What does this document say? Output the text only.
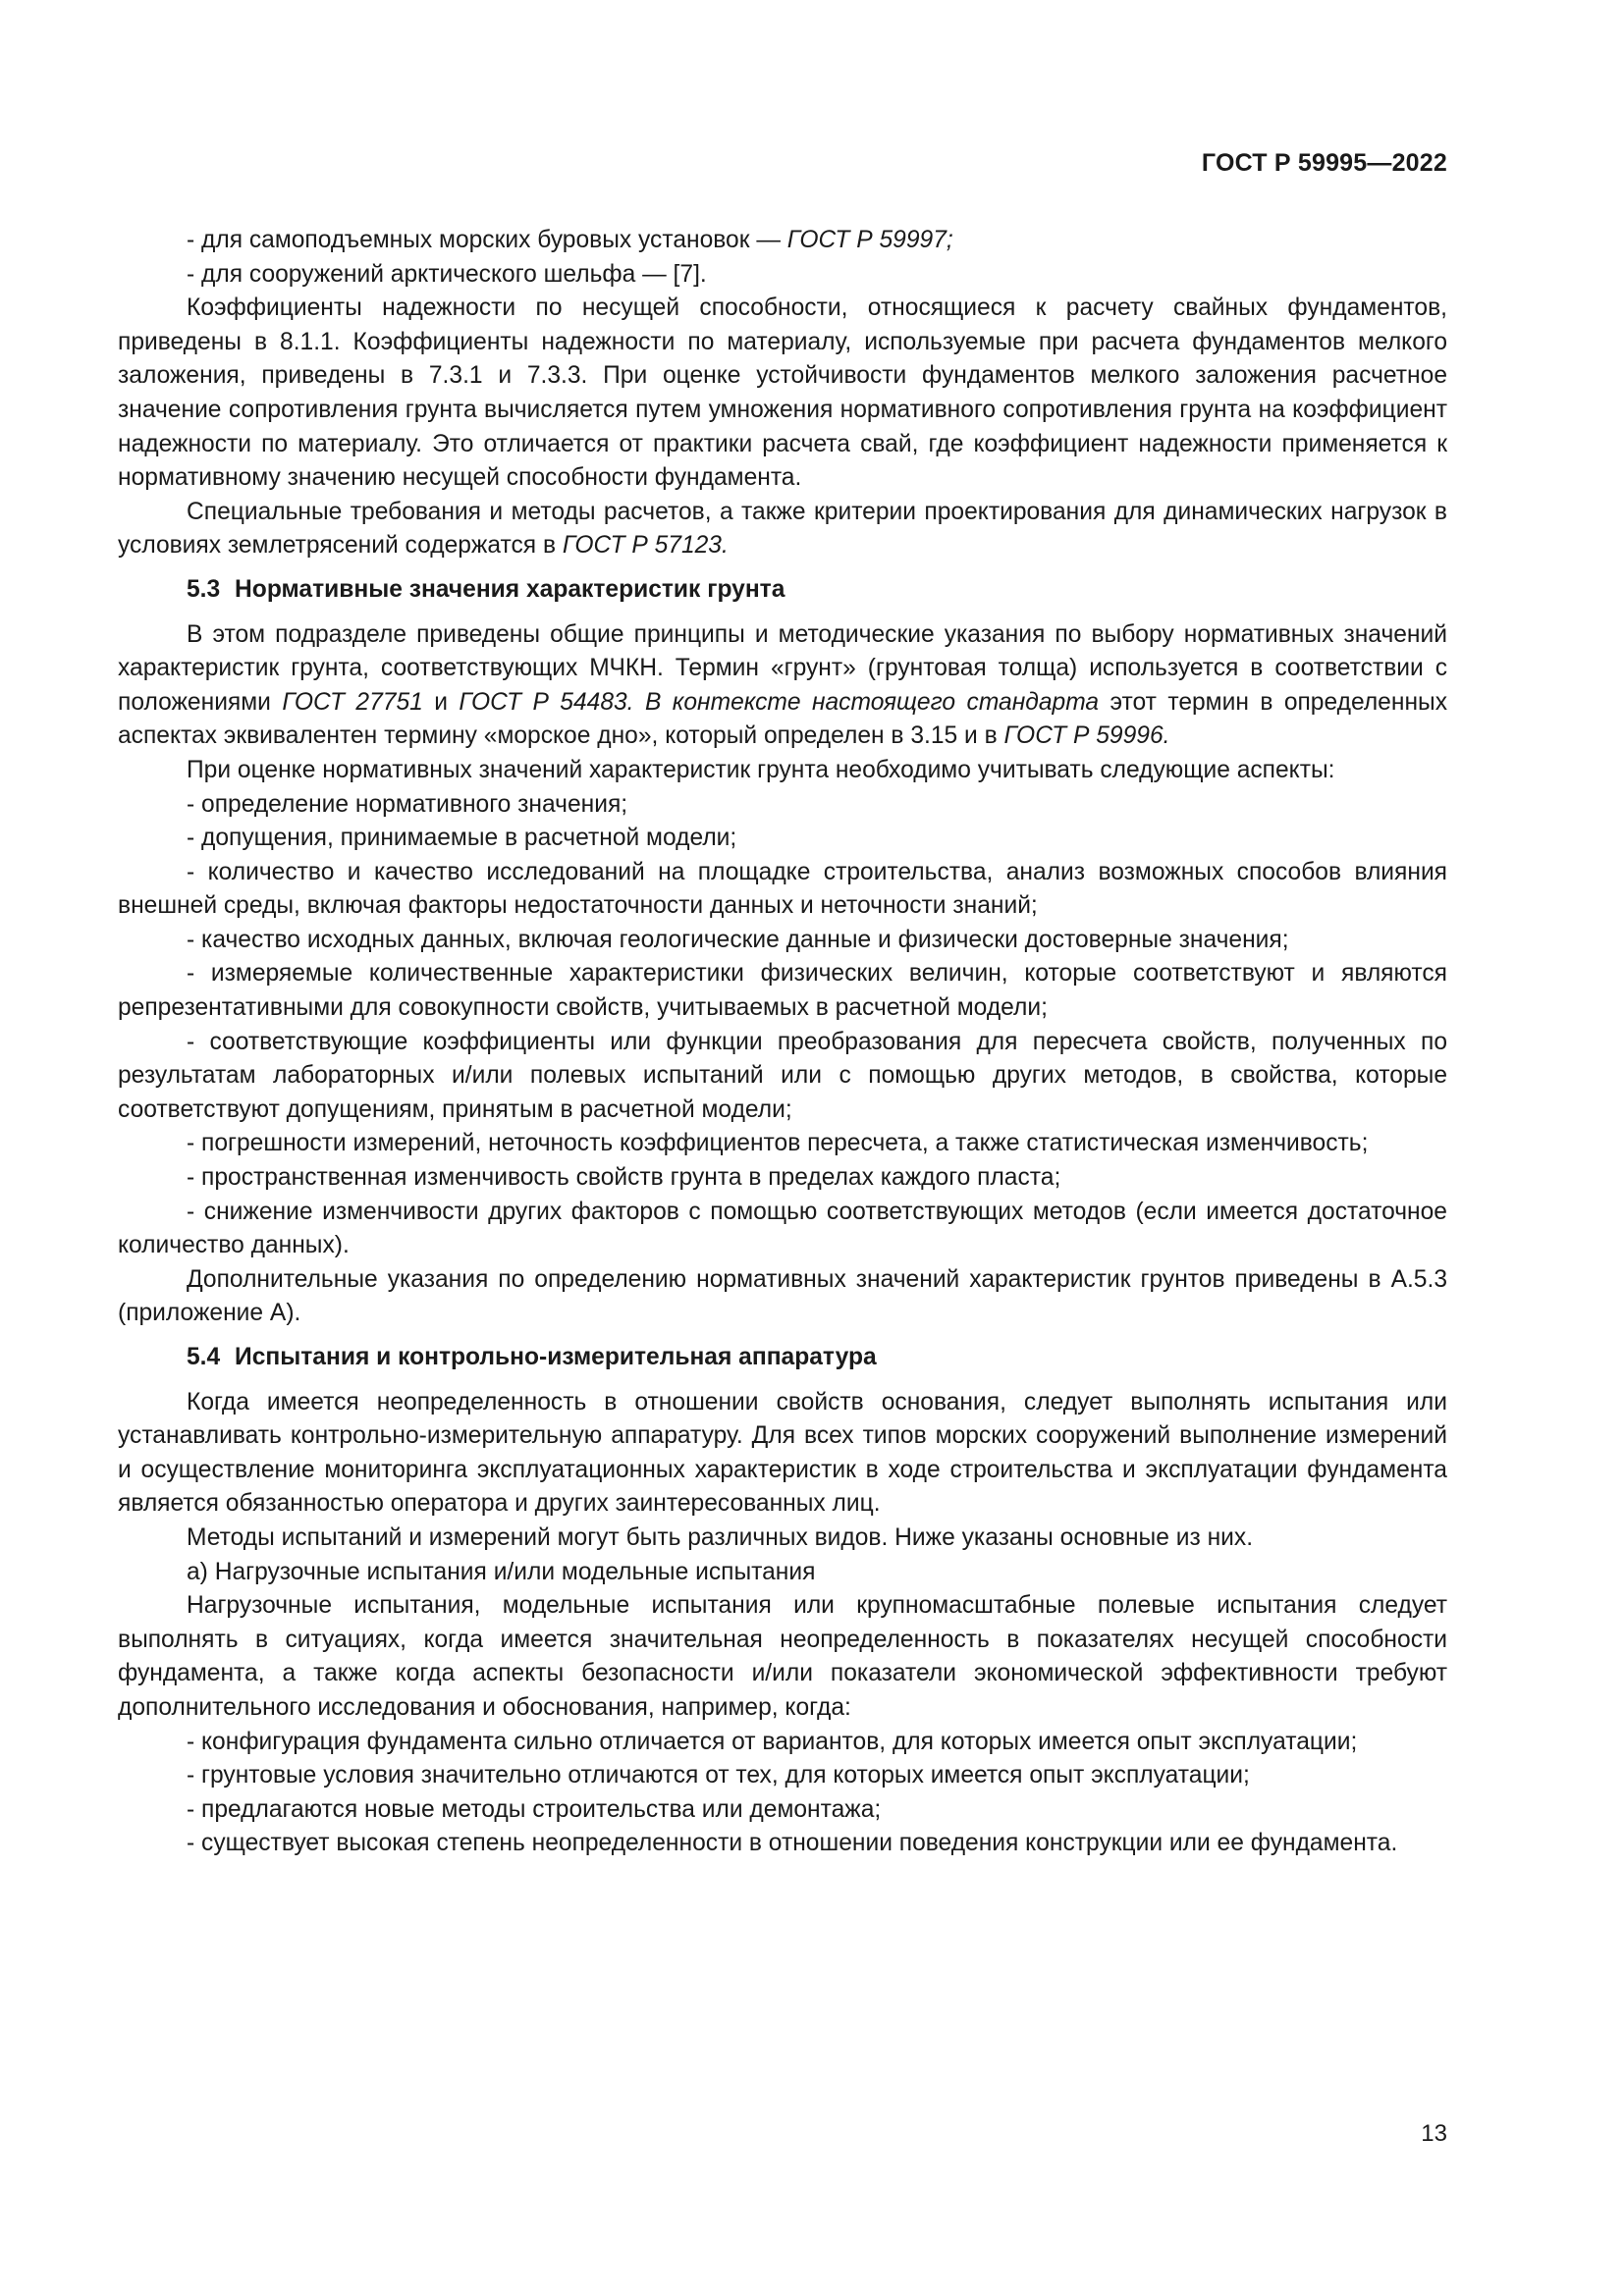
ГОСТ Р 59995—2022

- для самоподъемных морских буровых установок — ГОСТ Р 59997;

- для сооружений арктического шельфа — [7].

Коэффициенты надежности по несущей способности, относящиеся к расчету свайных фундаментов, приведены в 8.1.1. Коэффициенты надежности по материалу, используемые при расчета фундаментов мелкого заложения, приведены в 7.3.1 и 7.3.3. При оценке устойчивости фундаментов мелкого заложения расчетное значение сопротивления грунта вычисляется путем умножения нормативного сопротивления грунта на коэффициент надежности по материалу. Это отличается от практики расчета свай, где коэффициент надежности применяется к нормативному значению несущей способности фундамента.

Специальные требования и методы расчетов, а также критерии проектирования для динамических нагрузок в условиях землетрясений содержатся в ГОСТ Р 57123.

5.3 Нормативные значения характеристик грунта

В этом подразделе приведены общие принципы и методические указания по выбору нормативных значений характеристик грунта, соответствующих МЧКН. Термин «грунт» (грунтовая толща) используется в соответствии с положениями ГОСТ 27751 и ГОСТ Р 54483. В контексте настоящего стандарта этот термин в определенных аспектах эквивалентен термину «морское дно», который определен в 3.15 и в ГОСТ Р 59996.

При оценке нормативных значений характеристик грунта необходимо учитывать следующие аспекты:

- определение нормативного значения;

- допущения, принимаемые в расчетной модели;

- количество и качество исследований на площадке строительства, анализ возможных способов влияния внешней среды, включая факторы недостаточности данных и неточности знаний;

- качество исходных данных, включая геологические данные и физически достоверные значения;

- измеряемые количественные характеристики физических величин, которые соответствуют и являются репрезентативными для совокупности свойств, учитываемых в расчетной модели;

- соответствующие коэффициенты или функции преобразования для пересчета свойств, полученных по результатам лабораторных и/или полевых испытаний или с помощью других методов, в свойства, которые соответствуют допущениям, принятым в расчетной модели;

- погрешности измерений, неточность коэффициентов пересчета, а также статистическая изменчивость;

- пространственная изменчивость свойств грунта в пределах каждого пласта;

- снижение изменчивости других факторов с помощью соответствующих методов (если имеется достаточное количество данных).

Дополнительные указания по определению нормативных значений характеристик грунтов приведены в А.5.3 (приложение А).

5.4 Испытания и контрольно-измерительная аппаратура

Когда имеется неопределенность в отношении свойств основания, следует выполнять испытания или устанавливать контрольно-измерительную аппаратуру. Для всех типов морских сооружений выполнение измерений и осуществление мониторинга эксплуатационных характеристик в ходе строительства и эксплуатации фундамента является обязанностью оператора и других заинтересованных лиц.

Методы испытаний и измерений могут быть различных видов. Ниже указаны основные из них.

а) Нагрузочные испытания и/или модельные испытания

Нагрузочные испытания, модельные испытания или крупномасштабные полевые испытания следует выполнять в ситуациях, когда имеется значительная неопределенность в показателях несущей способности фундамента, а также когда аспекты безопасности и/или показатели экономической эффективности требуют дополнительного исследования и обоснования, например, когда:

- конфигурация фундамента сильно отличается от вариантов, для которых имеется опыт эксплуатации;

- грунтовые условия значительно отличаются от тех, для которых имеется опыт эксплуатации;

- предлагаются новые методы строительства или демонтажа;

- существует высокая степень неопределенности в отношении поведения конструкции или ее фундамента.

13
